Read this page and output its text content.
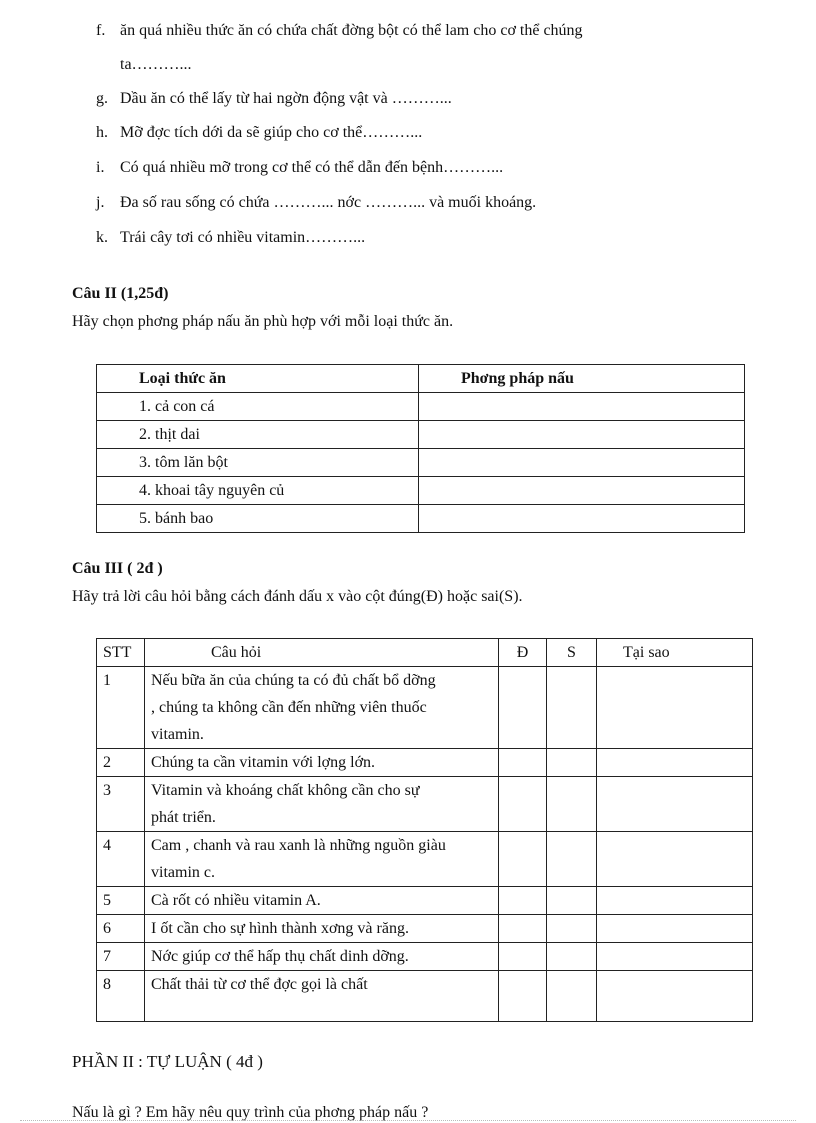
f. ăn quá nhiều thức ăn có chứa chất đờng bột có thể lam cho cơ thể chúng
ta………...
g. Dầu ăn có thể lấy từ hai ngờn động vật và ………...
h. Mỡ đợc tích dới da sẽ giúp cho cơ thể………...
i. Có quá nhiều mỡ trong cơ thể có thể dẫn đến bệnh………...
j. Đa số rau sống có chứa ………... nớc ………... và muối khoáng.
k. Trái cây tơi có nhiều vitamin………...
Câu II (1,25đ)
Hãy chọn phơng pháp nấu ăn phù hợp với mỗi loại thức ăn.
Loại thức ăn	Phơng pháp nấu
1. cả con cá	
2. thịt dai	
3. tôm lăn bột	
4. khoai tây nguyên củ	
5. bánh bao	
Câu III ( 2đ )
Hãy trả lời câu hỏi bằng cách đánh dấu x vào cột đúng(Đ) hoặc sai(S).
STT	Câu hỏi	Đ	S	Tại sao
1	Nếu bữa ăn của chúng ta có đủ chất bổ dỡng
, chúng ta không cần đến những viên thuốc
vitamin.			

2	Chúng ta cần vitamin với lợng lớn.			

3	Vitamin và khoáng chất không cần cho sự
phát triển.			

4	Cam , chanh và rau xanh là những nguồn giàu
vitamin c.			

5	Cà rốt có nhiều vitamin A.			

6	I ốt cần cho sự hình thành xơng và răng.			

7	Nớc giúp cơ thể hấp thụ chất dinh dỡng.			

8	Chất thải từ cơ thể đợc gọi là chất			

PHẦN II : TỰ LUẬN ( 4đ )
Nấu là gì ? Em hãy nêu quy trình của phơng pháp nấu ?
